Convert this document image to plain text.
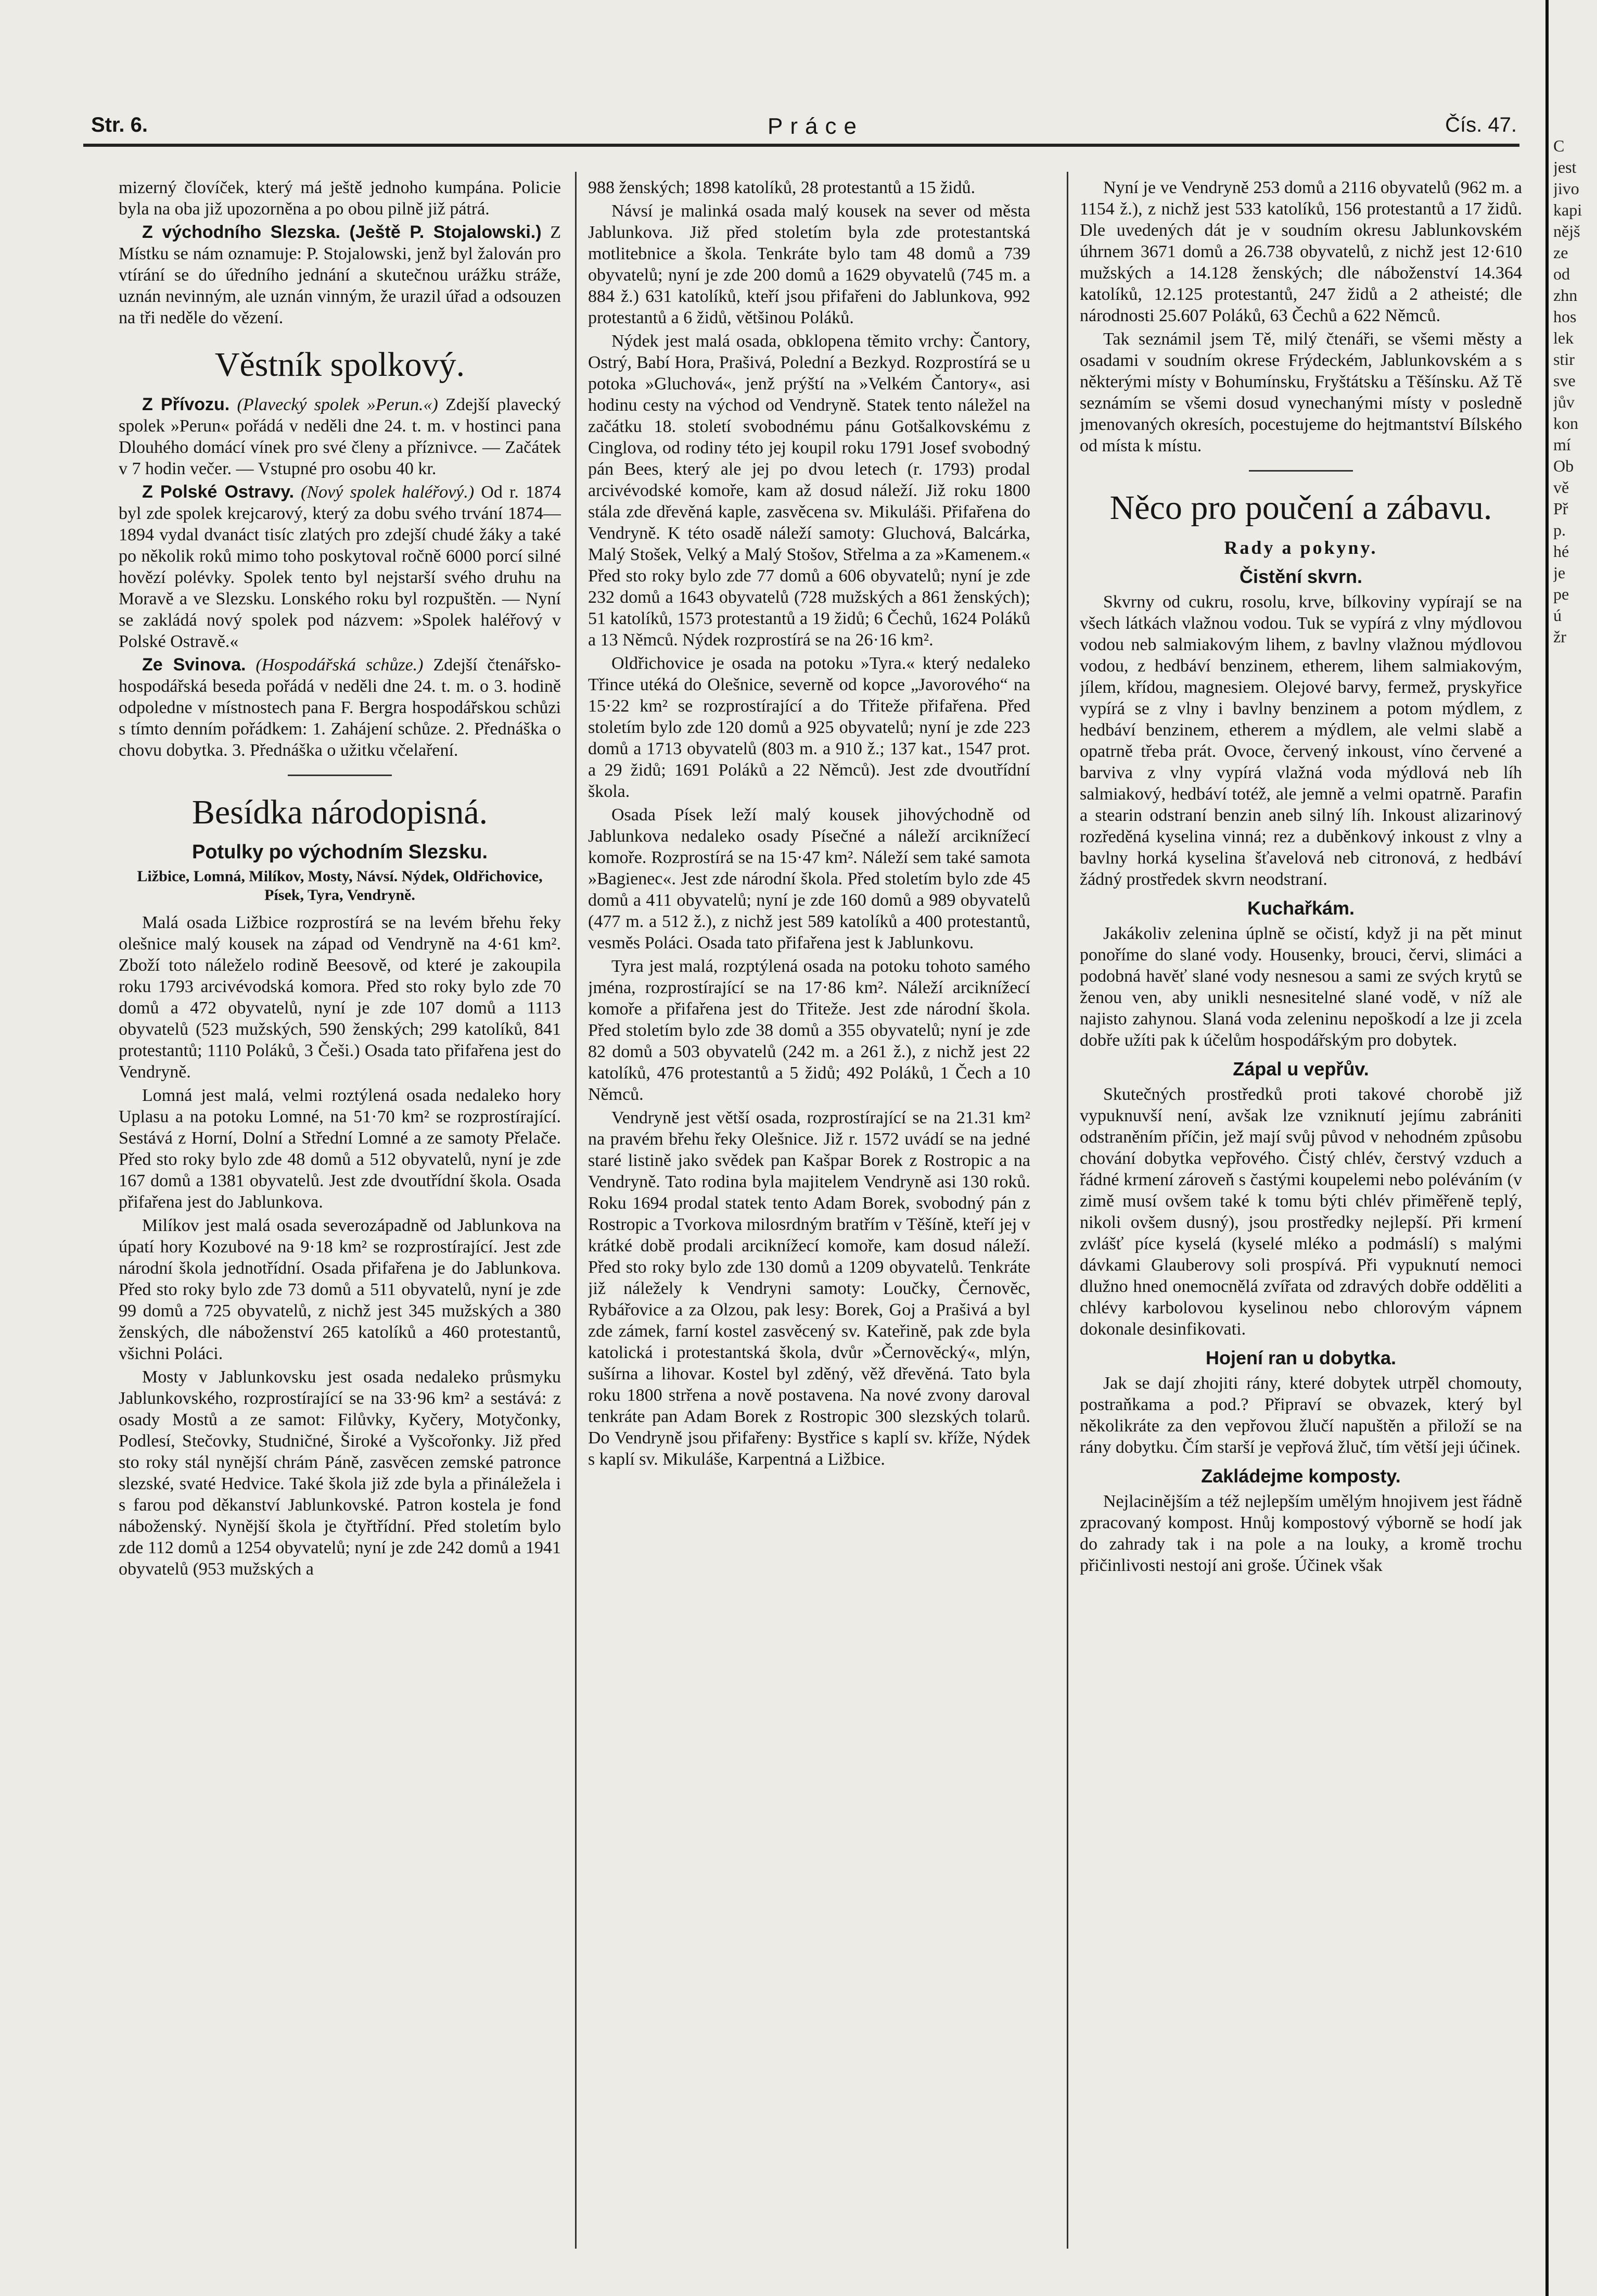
Str. 6.	Práce	Čís. 47.

mizerný človíček, který má ještě jednoho kumpána. Policie byla na oba již upozorněna a po obou pilně již pátrá.

Z východního Slezska. (Ještě P. Stojalowski.) Z Místku se nám oznamuje: P. Stojalowski, jenž byl žalován pro vtírání se do úředního jednání a skutečnou urážku stráže, uznán nevinným, ale uznán vinným, že urazil úřad a odsouzen na tři neděle do vězení.

Věstník spolkový.

Z Přívozu. (Plavecký spolek »Perun.«) Zdejší plavecký spolek »Perun« pořádá v neděli dne 24. t. m. v hostinci pana Dlouhého domácí vínek pro své členy a příznivce. — Začátek v 7 hodin večer. — Vstupné pro osobu 40 kr.

Z Polské Ostravy. (Nový spolek haléřový.) Od r. 1874 byl zde spolek krejcarový, který za dobu svého trvání 1874—1894 vydal dvanáct tisíc zlatých pro zdejší chudé žáky a také po několik roků mimo toho poskytoval ročně 6000 porcí silné hovězí polévky. Spolek tento byl nejstarší svého druhu na Moravě a ve Slezsku. Lonského roku byl rozpuštěn. — Nyní se zakládá nový spolek pod názvem: »Spolek haléřový v Polské Ostravě.«

Ze Svinova. (Hospodářská schůze.) Zdejší čtenářsko-hospodářská beseda pořádá v neděli dne 24. t. m. o 3. hodině odpoledne v místnostech pana F. Bergra hospodářskou schůzi s tímto denním pořádkem: 1. Zahájení schůze. 2. Přednáška o chovu dobytka. 3. Přednáška o užitku včelaření.

Besídka národopisná.
Potulky po východním Slezsku.
Ližbice, Lomná, Milíkov, Mosty, Návsí. Nýdek, Oldřichovice, Písek, Tyra, Vendryně.

Malá osada Ližbice rozprostírá se na levém břehu řeky olešnice malý kousek na západ od Vendryně na 4·61 km². Zboží toto náleželo rodině Beesově, od které je zakoupila roku 1793 arcivévodská komora. Před sto roky bylo zde 70 domů a 472 obyvatelů, nyní je zde 107 domů a 1113 obyvatelů (523 mužských, 590 ženských; 299 katolíků, 841 protestantů; 1110 Poláků, 3 Češi.) Osada tato přifařena jest do Vendryně.

Lomná jest malá, velmi roztýlená osada nedaleko hory Uplasu a na potoku Lomné, na 51·70 km² se rozprostírající. Sestává z Horní, Dolní a Střední Lomné a ze samoty Přelače. Před sto roky bylo zde 48 domů a 512 obyvatelů, nyní je zde 167 domů a 1381 obyvatelů. Jest zde dvoutřídní škola. Osada přifařena jest do Jablunkova.

Milíkov jest malá osada severozápadně od Jablunkova na úpatí hory Kozubové na 9·18 km² se rozprostírající. Jest zde národní škola jednotřídní. Osada přifařena je do Jablunkova. Před sto roky bylo zde 73 domů a 511 obyvatelů, nyní je zde 99 domů a 725 obyvatelů, z nichž jest 345 mužských a 380 ženských, dle náboženství 265 katolíků a 460 protestantů, všichni Poláci.

Mosty v Jablunkovsku jest osada nedaleko průsmyku Jablunkovského, rozprostírající se na 33·96 km² a sestává: z osady Mostů a ze samot: Filůvky, Kyčery, Motyčonky, Podlesí, Stečovky, Studničné, Široké a Vyšcořonky. Již před sto roky stál nynější chrám Páně, zasvěcen zemské patronce slezské, svaté Hedvice. Také škola již zde byla a přináležela i s farou pod děkanství Jablunkovské. Patron kostela je fond náboženský. Nynější škola je čtyřtřídní. Před stoletím bylo zde 112 domů a 1254 obyvatelů; nyní je zde 242 domů a 1941 obyvatelů (953 mužských a

988 ženských; 1898 katolíků, 28 protestantů a 15 židů.

Návsí je malinká osada malý kousek na sever od města Jablunkova. Již před stoletím byla zde protestantská motlitebnice a škola. Tenkráte bylo tam 48 domů a 739 obyvatelů; nyní je zde 200 domů a 1629 obyvatelů (745 m. a 884 ž.) 631 katolíků, kteří jsou přifařeni do Jablunkova, 992 protestantů a 6 židů, většinou Poláků.

Nýdek jest malá osada, obklopena těmito vrchy: Čantory, Ostrý, Babí Hora, Prašivá, Polední a Bezkyd. Rozprostírá se u potoka »Gluchová«, jenž prýští na »Velkém Čantory«, asi hodinu cesty na východ od Vendryně. Statek tento náležel na začátku 18. století svobodnému pánu Gotšalkovskému z Cinglova, od rodiny této jej koupil roku 1791 Josef svobodný pán Bees, který ale jej po dvou letech (r. 1793) prodal arcivévodské komoře, kam až dosud náleží. Již roku 1800 stála zde dřevěná kaple, zasvěcena sv. Mikuláši. Přifařena do Vendryně. K této osadě náleží samoty: Gluchová, Balcárka, Malý Stošek, Velký a Malý Stošov, Střelma a za »Kamenem.« Před sto roky bylo zde 77 domů a 606 obyvatelů; nyní je zde 232 domů a 1643 obyvatelů (728 mužských a 861 ženských); 51 katolíků, 1573 protestantů a 19 židů; 6 Čechů, 1624 Poláků a 13 Němců. Nýdek rozprostírá se na 26·16 km².

Oldřichovice je osada na potoku »Tyra.« který nedaleko Třince utéká do Olešnice, severně od kopce „Javorového“ na 15·22 km² se rozprostírající a do Třiteže přifařena. Před stoletím bylo zde 120 domů a 925 obyvatelů; nyní je zde 223 domů a 1713 obyvatelů (803 m. a 910 ž.; 137 kat., 1547 prot. a 29 židů; 1691 Poláků a 22 Němců). Jest zde dvoutřídní škola.

Osada Písek leží malý kousek jihovýchodně od Jablunkova nedaleko osady Písečné a náleží arciknížecí komoře. Rozprostírá se na 15·47 km². Náleží sem také samota »Bagienec«. Jest zde národní škola. Před stoletím bylo zde 45 domů a 411 obyvatelů; nyní je zde 160 domů a 989 obyvatelů (477 m. a 512 ž.), z nichž jest 589 katolíků a 400 protestantů, vesměs Poláci. Osada tato přifařena jest k Jablunkovu.

Tyra jest malá, rozptýlená osada na potoku tohoto samého jména, rozprostírající se na 17·86 km². Náleží arciknížecí komoře a přifařena jest do Třiteže. Jest zde národní škola. Před stoletím bylo zde 38 domů a 355 obyvatelů; nyní je zde 82 domů a 503 obyvatelů (242 m. a 261 ž.), z nichž jest 22 katolíků, 476 protestantů a 5 židů; 492 Poláků, 1 Čech a 10 Němců.

Vendryně jest větší osada, rozprostírající se na 21.31 km² na pravém břehu řeky Olešnice. Již r. 1572 uvádí se na jedné staré listině jako svědek pan Kašpar Borek z Rostropic a na Vendryně. Tato rodina byla majitelem Vendryně asi 130 roků. Roku 1694 prodal statek tento Adam Borek, svobodný pán z Rostropic a Tvorkova milosrdným bratřím v Těšíně, kteří jej v krátké době prodali arciknížecí komoře, kam dosud náleží. Před sto roky bylo zde 130 domů a 1209 obyvatelů. Tenkráte již náležely k Vendryni samoty: Loučky, Černověc, Rybářovice a za Olzou, pak lesy: Borek, Goj a Prašivá a byl zde zámek, farní kostel zasvěcený sv. Kateřině, pak zde byla katolická i protestantská škola, dvůr »Černověcký«, mlýn, sušírna a lihovar. Kostel byl zděný, věž dřevěná. Tato byla roku 1800 strřena a nově postavena. Na nové zvony daroval tenkráte pan Adam Borek z Rostropic 300 slezských tolarů. Do Vendryně jsou přifařeny: Bystřice s kaplí sv. kříže, Nýdek s kaplí sv. Mikuláše, Karpentná a Ližbice.

Nyní je ve Vendryně 253 domů a 2116 obyvatelů (962 m. a 1154 ž.), z nichž jest 533 katolíků, 156 protestantů a 17 židů. Dle uvedených dát je v soudním okresu Jablunkovském úhrnem 3671 domů a 26.738 obyvatelů, z nichž jest 12·610 mužských a 14.128 ženských; dle náboženství 14.364 katolíků, 12.125 protestantů, 247 židů a 2 atheisté; dle národnosti 25.607 Poláků, 63 Čechů a 622 Němců.

Tak seznámil jsem Tě, milý čtenáři, se všemi městy a osadami v soudním okrese Frýdeckém, Jablunkovském a s některými místy v Bohumínsku, Fryštátsku a Těšínsku. Až Tě seznámím se všemi dosud vynechanými místy v posledně jmenovaných okresích, pocestujeme do hejtmantství Bílského od místa k místu.

Něco pro poučení a zábavu.
Rady a pokyny.
Čistění skvrn.

Skvrny od cukru, rosolu, krve, bílkoviny vypírají se na všech látkách vlažnou vodou. Tuk se vypírá z vlny mýdlovou vodou neb salmiakovým lihem, z bavlny vlažnou mýdlovou vodou, z hedbáví benzinem, etherem, lihem salmiakovým, jílem, křídou, magnesiem. Olejové barvy, fermež, pryskyřice vypírá se z vlny i bavlny benzinem a potom mýdlem, z hedbáví benzinem, etherem a mýdlem, ale velmi slabě a opatrně třeba prát. Ovoce, červený inkoust, víno červené a barviva z vlny vypírá vlažná voda mýdlová neb líh salmiakový, hedbáví totéž, ale jemně a velmi opatrně. Parafin a stearin odstraní benzin aneb silný líh. Inkoust alizarinový rozředěná kyselina vinná; rez a duběnkový inkoust z vlny a bavlny horká kyselina šťavelová neb citronová, z hedbáví žádný prostředek skvrn neodstraní.

Kuchařkám.

Jakákoliv zelenina úplně se očistí, když ji na pět minut ponoříme do slané vody. Housenky, brouci, červi, slimáci a podobná havěť slané vody nesnesou a sami ze svých krytů se ženou ven, aby unikli nesnesitelné slané vodě, v níž ale najisto zahynou. Slaná voda zeleninu nepoškodí a lze ji zcela dobře užíti pak k účelům hospodářským pro dobytek.

Zápal u vepřův.

Skutečných prostředků proti takové chorobě již vypuknuvší není, avšak lze vzniknutí jejímu zabrániti odstraněním příčin, jež mají svůj původ v nehodném způsobu chování dobytka vepřového. Čistý chlév, čerstvý vzduch a řádné krmení zároveň s častými koupelemi nebo poléváním (v zimě musí ovšem také k tomu býti chlév přiměřeně teplý, nikoli ovšem dusný), jsou prostředky nejlepší. Při krmení zvlášť píce kyselá (kyselé mléko a podmáslí) s malými dávkami Glauberovy soli prospívá. Při vypuknutí nemoci dlužno hned onemocnělá zvířata od zdravých dobře odděliti a chlévy karbolovou kyselinou nebo chlorovým vápnem dokonale desinfikovati.

Hojení ran u dobytka.

Jak se dají zhojiti rány, které dobytek utrpěl chomouty, postraňkama a pod.? Připraví se obvazek, který byl několikráte za den vepřovou žlučí napuštěn a přiloží se na rány dobytku. Čím starší je vepřová žluč, tím větší jeji účinek.

Zakládejme komposty.

Nejlacinějším a též nejlepším umělým hnojivem jest řádně zpracovaný kompost. Hnůj kompostový výborně se hodí jak do zahrady tak i na pole a na louky, a kromě trochu přičinlivosti nestojí ani groše. Účinek však

C
jest
jivo
kapi
nějš
ze
od
zhn
hos
lek
stir
sve
jův
kon
mí
Ob
vě
Př
p.
hé
je
pe
ú
žr
